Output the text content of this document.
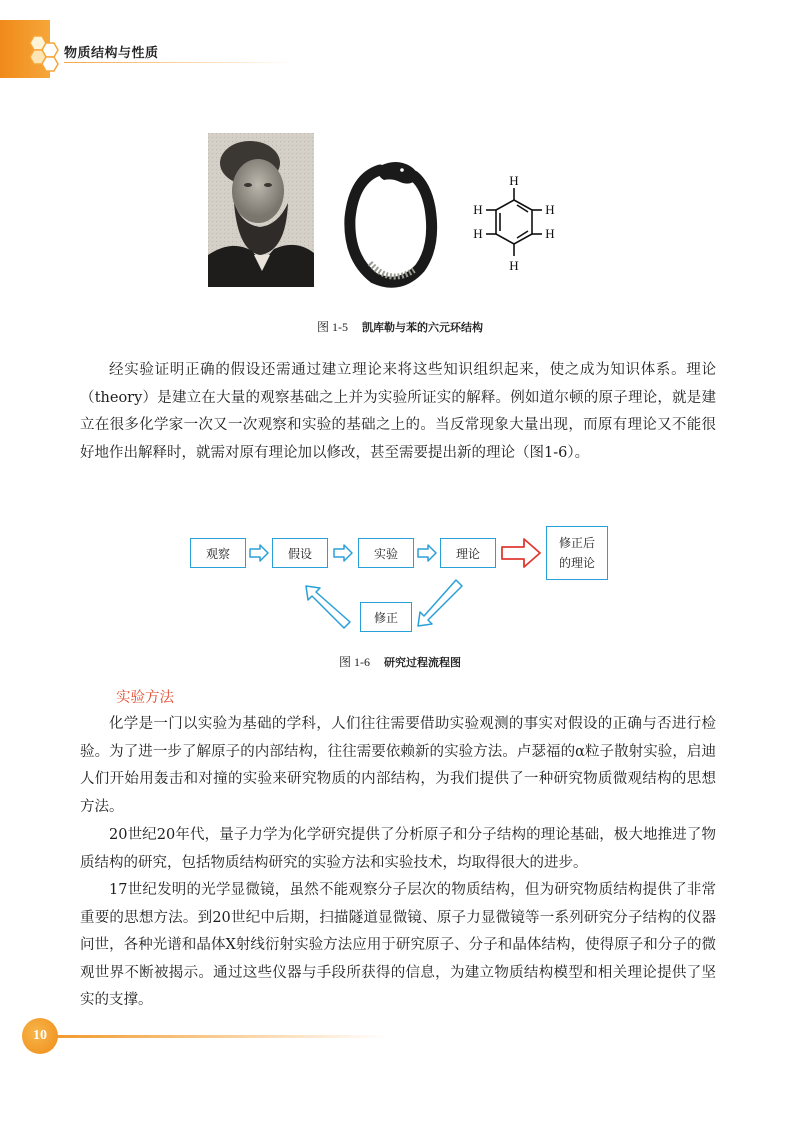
物质结构与性质
H
H
H
H
H
H
图 1-5 凯库勒与苯的六元环结构

经实验证明正确的假设还需通过建立理论来将这些知识组织起来，使之成为知识体系。理论（theory）是建立在大量的观察基础之上并为实验所证实的解释。例如道尔顿的原子理论，就是建立在很多化学家一次又一次观察和实验的基础之上的。当反常现象大量出现，而原有理论又不能很好地作出解释时，就需对原有理论加以修改，甚至需要提出新的理论（图1-6）。

观察	假设	实验	理论
修正后
的理论
修正
图 1-6 研究过程流程图
实验方法

化学是一门以实验为基础的学科，人们往往需要借助实验观测的事实对假设的正确与否进行检验。为了进一步了解原子的内部结构，往往需要依赖新的实验方法。卢瑟福的α粒子散射实验，启迪人们开始用轰击和对撞的实验来研究物质的内部结构，为我们提供了一种研究物质微观结构的思想方法。

20世纪20年代，量子力学为化学研究提供了分析原子和分子结构的理论基础，极大地推进了物质结构的研究，包括物质结构研究的实验方法和实验技术，均取得很大的进步。

17世纪发明的光学显微镜，虽然不能观察分子层次的物质结构，但为研究物质结构提供了非常重要的思想方法。到20世纪中后期，扫描隧道显微镜、原子力显微镜等一系列研究分子结构的仪器问世，各种光谱和晶体X射线衍射实验方法应用于研究原子、分子和晶体结构，使得原子和分子的微观世界不断被揭示。通过这些仪器与手段所获得的信息，为建立物质结构模型和相关理论提供了坚实的支撑。

10
